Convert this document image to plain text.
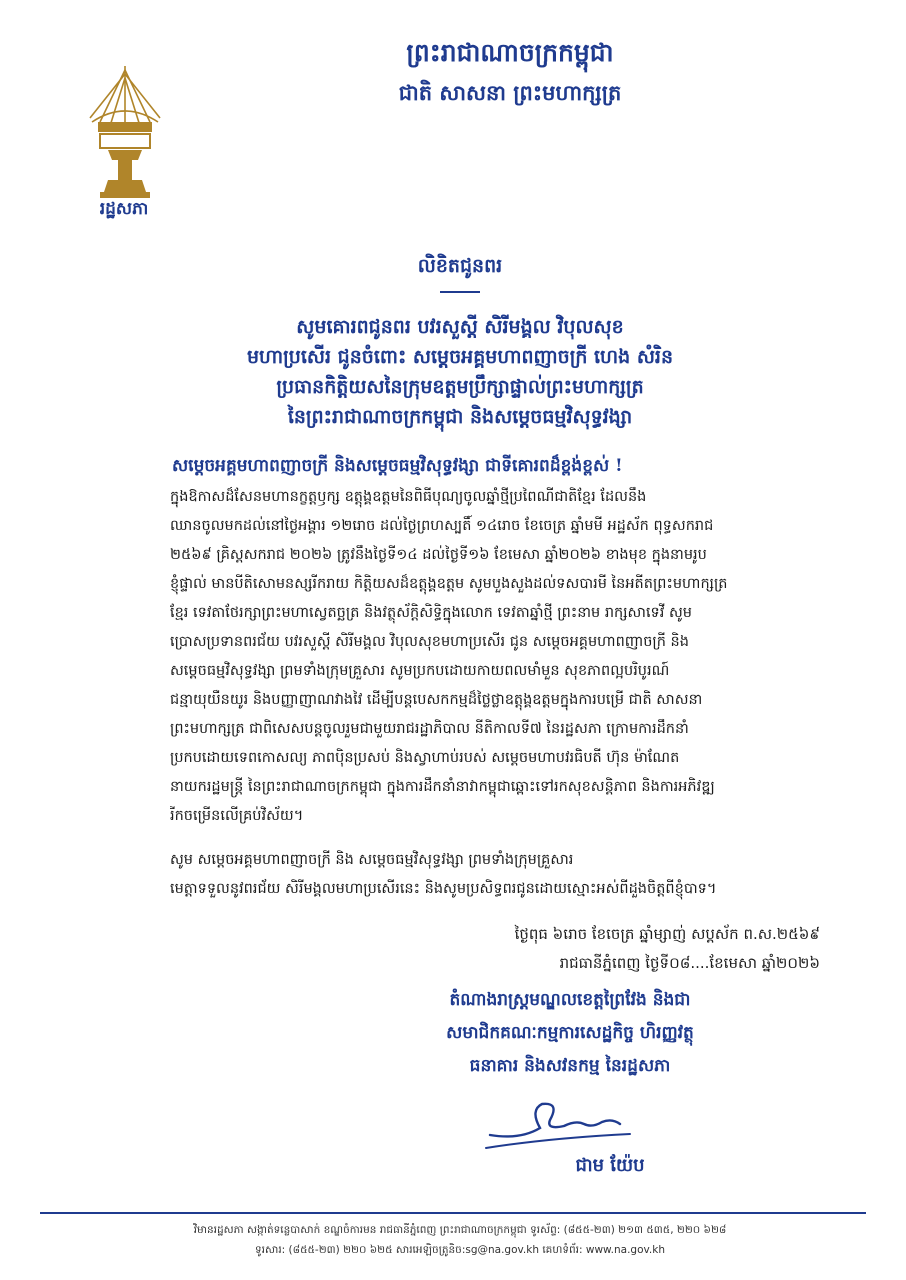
រដ្ឋសភា
ព្រះរាជាណាចក្រកម្ពុជា
ជាតិ សាសនា ព្រះមហាក្សត្រ
លិខិតជូនពរ
សូមគោរពជូនពរ បវរសួស្តី សិរីមង្គល វិបុលសុខ
មហាប្រសើរ ជូនចំពោះ សម្តេចអគ្គមហាពញាចក្រី ហេង សំរិន
ប្រធានកិត្តិយសនៃក្រុមឧត្តមប្រឹក្សាផ្ទាល់ព្រះមហាក្សត្រ
នៃព្រះរាជាណាចក្រកម្ពុជា និងសម្តេចធម្មវិសុទ្ធវង្សា
សម្តេចអគ្គមហាពញាចក្រី និងសម្តេចធម្មវិសុទ្ធវង្សា ជាទីគោរពដ៏ខ្ពង់ខ្ពស់ !
ក្នុងឱកាសដ៏សែនមហានក្ខត្តឫក្ស ឧត្តុង្គឧត្តមនៃពិធីបុណ្យចូលឆ្នាំថ្មីប្រពៃណីជាតិខ្មែរ ដែលនឹង
ឈានចូលមកដល់នៅថ្ងៃអង្គារ ១២រោច ដល់ថ្ងៃព្រហស្បតិ៍ ១៤រោច ខែចេត្រ ឆ្នាំមមី អដ្ឋស័ក ពុទ្ធសករាជ
២៥៦៩ គ្រិស្តសករាជ ២០២៦ ត្រូវនឹងថ្ងៃទី១៤ ដល់ថ្ងៃទី១៦ ខែមេសា ឆ្នាំ២០២៦ ខាងមុខ ក្នុងនាមរូប
ខ្ញុំផ្ទាល់ មានបីតិសោមនស្សរីករាយ កិត្តិយសដ៏ឧត្តុង្គឧត្តម សូមបួងសួងដល់ទសបារមី នៃអតីតព្រះមហាក្សត្រ
ខ្មែរ ទេវតាថែរក្សាព្រះមហាស្វេតច្ឆត្រ និងវត្ថុស័ក្តិសិទ្ធិក្នុងលោក ទេវតាឆ្នាំថ្មី ព្រះនាម រាក្សសាទេវី សូម
ប្រោសប្រទានពរជ័យ បវរសួស្តី សិរីមង្គល វិបុលសុខមហាប្រសើរ ជូន សម្តេចអគ្គមហាពញាចក្រី និង
សម្តេចធម្មវិសុទ្ធវង្សា ព្រមទាំងក្រុមគ្រួសារ សូមប្រកបដោយកាយពលមាំមួន សុខភាពល្អបរិបូរណ៍
ជន្មាយុយឺនយូរ និងបញ្ញាញាណវាងវៃ ដើម្បីបន្តបេសកកម្មដ៏ថ្លៃថ្លាឧត្តុង្គឧត្តមក្នុងការបម្រើ ជាតិ សាសនា
ព្រះមហាក្សត្រ ជាពិសេសបន្តចូលរួមជាមួយរាជរដ្ឋាភិបាល នីតិកាលទី៧ នៃរដ្ឋសភា ក្រោមការដឹកនាំ
ប្រកបដោយទេពកោសល្យ ភាពប៉ិនប្រសប់ និងស្វាហាប់របស់ សម្តេចមហាបវរធិបតី ហ៊ុន ម៉ាណែត
នាយករដ្ឋមន្ត្រី នៃព្រះរាជាណាចក្រកម្ពុជា ក្នុងការដឹកនាំនាវាកម្ពុជាឆ្ពោះទៅរកសុខសន្តិភាព និងការអភិវឌ្ឍ
រីកចម្រើនលើគ្រប់វិស័យ។
សូម សម្តេចអគ្គមហាពញាចក្រី និង សម្តេចធម្មវិសុទ្ធវង្សា ព្រមទាំងក្រុមគ្រួសារ
មេត្តាទទួលនូវពរជ័យ សិរីមង្គលមហាប្រសើរនេះ និងសូមប្រសិទ្ធពរជូនដោយស្មោះអស់ពីដួងចិត្តពីខ្ញុំបាទ។
ថ្ងៃពុធ ៦រោច ខែចេត្រ ឆ្នាំម្សាញ់ សប្តស័ក ព.ស.២៥៦៩
រាជធានីភ្នំពេញ ថ្ងៃទី០៨....ខែមេសា ឆ្នាំ២០២៦
តំណាងរាស្ត្រមណ្ឌលខេត្តព្រៃវែង និងជា
សមាជិកគណៈកម្មការសេដ្ឋកិច្ច ហិរញ្ញវត្ថុ
ធនាគារ និងសវនកម្ម នៃរដ្ឋសភា
ជាម យ៉ែប
វិមានរដ្ឋសភា សង្កាត់ទន្លេបាសាក់ ខណ្ឌចំការមន រាជធានីភ្នំពេញ ព្រះរាជាណាចក្រកម្ពុជា ទូរស័ព្ទ: (៨៥៥-២៣) ២១៣ ៥៣៥, ២២០ ៦២៨
ទូរសារ: (៨៥៥-២៣) ២២០ ៦២៥ សារអេឡិចត្រូនិច:sg@na.gov.kh គេហទំព័រ: www.na.gov.kh
